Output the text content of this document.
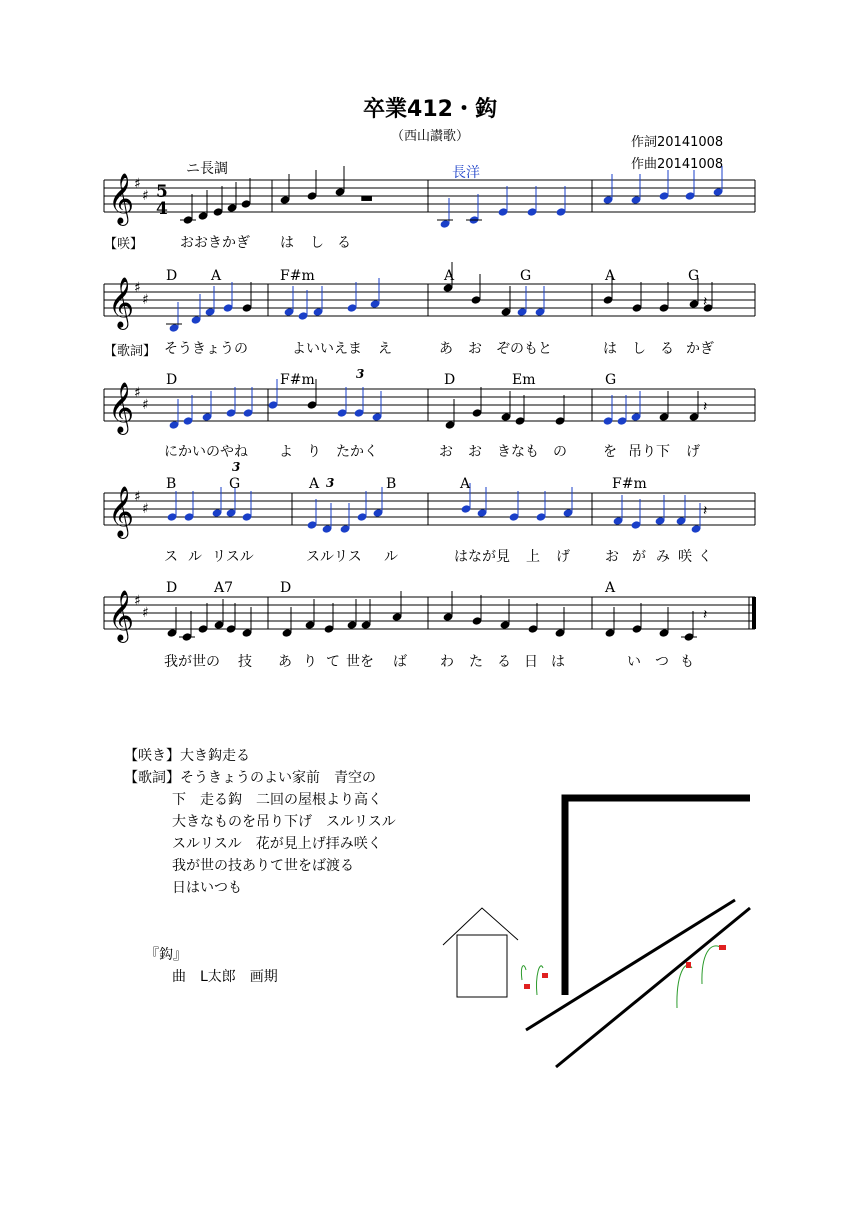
卒業412・鈎
（西山讃歌）	作詞20141008
作曲20141008
ニ長調	長洋
𝄞 ♯
♯	▬
𝄞 ♯
♯	𝄽
𝄞 ♯
♯	𝄽
𝄞 ♯
♯	𝄽
𝄞 ♯
♯	𝄽
5
4
【咲】	おおきかぎ は し る
D A	F#m	A	G	A	G
【歌詞】 そうきょうの	よいいえ ま え	あ お ぞのもと	は し る かぎ
D	F#m	D	Em	G
3
にかいのやね よ り たかく	お お きなも の	を 吊り下 げ
B	G	A	B	A	F#m
3
3
ス ル リスル	スルリス ル	はなが見 上 げ	お が み 咲 く
D	A7	D	A
我が世の 技 あ り て 世を ば わ た る 日 は	い つ も
【咲き】大き鈎走る
【歌詞】そうきょうのよい家前　青空の
下　走る鈎　二回の屋根より高く
大きなものを吊り下げ　スルリスル
スルリスル　花が見上げ拝み咲く
我が世の技ありて世をば渡る
日はいつも
『鈎』
曲　L太郎　画期
